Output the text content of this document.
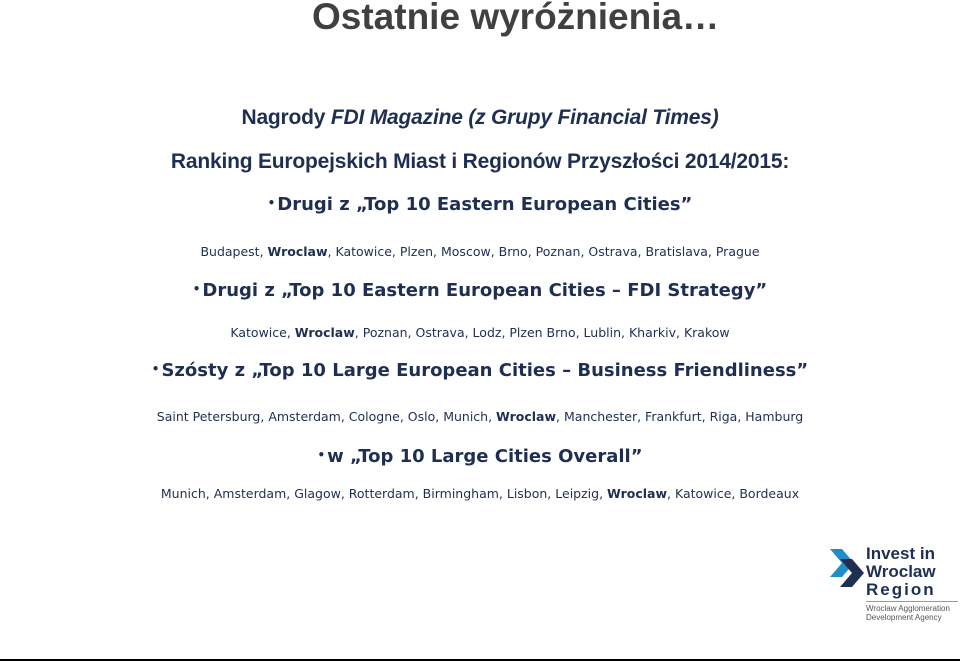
Ostatnie wyróżnienia…

Nagrody FDI Magazine (z Grupy Financial Times)

Ranking Europejskich Miast i Regionów Przyszłości 2014/2015:

• Drugi z „Top 10 Eastern European Cities”

Budapest, Wroclaw, Katowice, Plzen, Moscow, Brno, Poznan, Ostrava, Bratislava, Prague

• Drugi z „Top 10 Eastern European Cities – FDI Strategy”

Katowice, Wroclaw, Poznan, Ostrava, Lodz, Plzen Brno, Lublin, Kharkiv, Krakow

• Szósty z „Top 10 Large European Cities – Business Friendliness”

Saint Petersburg, Amsterdam, Cologne, Oslo, Munich, Wroclaw, Manchester, Frankfurt, Riga, Hamburg

• w „Top 10 Large Cities Overall”

Munich, Amsterdam, Glagow, Rotterdam, Birmingham, Lisbon, Leipzig, Wroclaw, Katowice, Bordeaux

Invest in
Wroclaw
Region
Wroclaw Agglomeration
Development Agency
